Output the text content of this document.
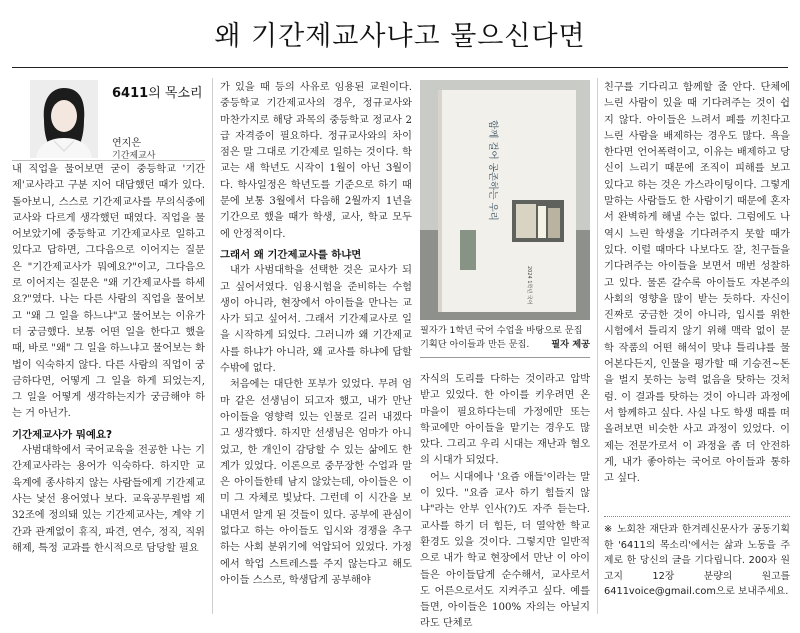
왜 기간제교사냐고 물으신다면
6411의 목소리
연지은
기간제교사

내 직업을 물어보면 굳이 중등학교 '기간제'교사라고 구분 지어 대답했던 때가 있다. 돌아보니, 스스로 기간제교사를 무의식중에 교사와 다르게 생각했던 때였다. 직업을 물어보았기에 중등학교 기간제교사로 일하고 있다고 답하면, 그다음으로 이어지는 질문은 "기간제교사가 뭐예요?"이고, 그다음으로 이어지는 질문은 "왜 기간제교사를 하세요?"였다. 나는 다른 사람의 직업을 물어보고 "왜 그 일을 하느냐"고 물어보는 이유가 더 궁금했다. 보통 어떤 일을 한다고 했을 때, 바로 "왜" 그 일을 하느냐고 물어보는 화법이 익숙하지 않다. 다른 사람의 직업이 궁금하다면, 어떻게 그 일을 하게 되었는지, 그 일을 어떻게 생각하는지가 궁금해야 하는 거 아닌가.

기간제교사가 뭐예요?

사범대학에서 국어교육을 전공한 나는 기간제교사라는 용어가 익숙하다. 하지만 교육계에 종사하지 않는 사람들에게 기간제교사는 낯선 용어였나 보다. 교육공무원법 제32조에 정의돼 있는 기간제교사는, 계약 기간과 관계없이 휴직, 파견, 연수, 정직, 직위 해제, 특정 교과를 한시적으로 담당할 필요

가 있을 때 등의 사유로 임용된 교원이다. 중등학교 기간제교사의 경우, 정규교사와 마찬가지로 해당 과목의 중등학교 정교사 2급 자격증이 필요하다. 정규교사와의 차이점은 말 그대로 기간제로 일하는 것이다. 학교는 새 학년도 시작이 1월이 아닌 3월이다. 학사일정은 학년도를 기준으로 하기 때문에 보통 3월에서 다음해 2월까지 1년을 기간으로 했을 때가 학생, 교사, 학교 모두에 안정적이다.

그래서 왜 기간제교사를 하냐면

내가 사범대학을 선택한 것은 교사가 되고 싶어서였다. 임용시험을 준비하는 수험생이 아니라, 현장에서 아이들을 만나는 교사가 되고 싶어서. 그래서 기간제교사로 일을 시작하게 되었다. 그러니까 왜 기간제교사를 하냐가 아니라, 왜 교사를 하냐에 답할 수밖에 없다.

처음에는 대단한 포부가 있었다. 무려 엄마 같은 선생님이 되고자 했고, 내가 만난 아이들을 영향력 있는 인물로 길러 내겠다고 생각했다. 하지만 선생님은 엄마가 아니었고, 한 개인이 감당할 수 있는 삶에도 한계가 있었다. 이론으로 중무장한 수업과 말은 아이들한테 남지 않았는데, 아이들은 이미 그 자체로 빛났다. 그런데 이 시간을 보내면서 알게 된 것들이 있다. 공부에 관심이 없다고 하는 아이들도 입시와 경쟁을 추구하는 사회 분위기에 억압되어 있었다. 가정에서 학업 스트레스를 주지 않는다고 해도 아이들 스스로, 학생답게 공부해야

함께 걸어 공존하는 우리
2024 1학년 국어
필자가 1학년 국어 수업을 바탕으로 문집기획단 아이들과 만든 문집. 필자 제공

자식의 도리를 다하는 것이라고 압박받고 있었다. 한 아이를 키우려면 온 마을이 필요하다는데 가정에만 또는 학교에만 아이들을 맡기는 경우도 많았다. 그리고 우리 시대는 재난과 혐오의 시대가 되었다.

어느 시대에나 '요즘 애들'이라는 말이 있다. "요즘 교사 하기 힘들지 않냐"라는 안부 인사(?)도 자주 듣는다. 교사를 하기 더 힘든, 더 열악한 학교 환경도 있을 것이다. 그렇지만 일반적으로 내가 학교 현장에서 만난 이 아이들은 아이들답게 순수해서, 교사로서도 어른으로서도 지켜주고 싶다. 예를 들면, 아이들은 100% 자의는 아닐지라도 단체로

친구를 기다리고 함께할 줄 안다. 단체에 느린 사람이 있을 때 기다려주는 것이 쉽지 않다. 아이들은 느려서 폐를 끼친다고 느린 사람을 배제하는 경우도 많다. 욕을 한다면 언어폭력이고, 이유는 배제하고 당신이 느리기 때문에 조직이 피해를 보고 있다고 하는 것은 가스라이팅이다. 그렇게 말하는 사람들도 한 사람이기 때문에 혼자서 완벽하게 해낼 수는 없다. 그럼에도 나 역시 느린 학생을 기다려주지 못할 때가 있다. 이럴 때마다 나보다도 잘, 친구들을 기다려주는 아이들을 보면서 매번 성찰하고 있다. 물론 갈수록 아이들도 자본주의 사회의 영향을 많이 받는 듯하다. 자신이 진짜로 궁금한 것이 아니라, 입시를 위한 시험에서 틀리지 않기 위해 맥락 없이 문학 작품의 어떤 해석이 맞냐 틀리냐를 물어본다든지, 인물을 평가할 때 기승전~돈을 벌지 못하는 능력 없음을 탓하는 것처럼. 이 결과를 탓하는 것이 아니라 과정에서 함께하고 싶다. 사실 나도 학생 때를 떠올려보면 비슷한 사고 과정이 있었다. 이제는 전문가로서 이 과정을 좀 더 안전하게, 내가 좋아하는 국어로 아이들과 통하고 싶다.

※ 노회찬 재단과 한겨레신문사가 공동기획한 '6411의 목소리'에서는 삶과 노동을 주제로 한 당신의 글을 기다립니다. 200자 원고지 12장 분량의 원고를 6411voice@gmail.com으로 보내주세요.
